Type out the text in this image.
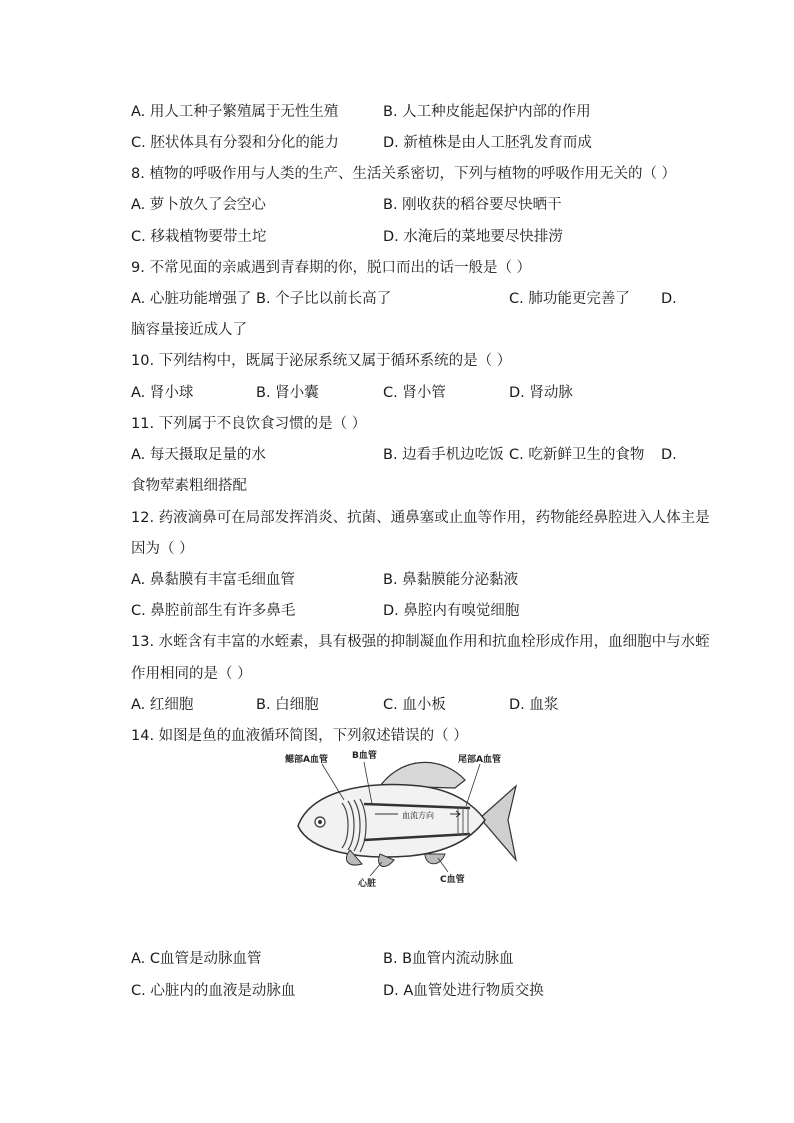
A. 用人工种子繁殖属于无性生殖	B. 人工种皮能起保护内部的作用
C. 胚状体具有分裂和分化的能力	D. 新植株是由人工胚乳发育而成
8. 植物的呼吸作用与人类的生产、生活关系密切，下列与植物的呼吸作用无关的（ ）
A. 萝卜放久了会空心	B. 刚收获的稻谷要尽快晒干
C. 移栽植物要带土坨	D. 水淹后的菜地要尽快排涝
9. 不常见面的亲戚遇到青春期的你，脱口而出的话一般是（ ）
A. 心脏功能增强了 B. 个子比以前长高了	C. 肺功能更完善了 D.
脑容量接近成人了
10. 下列结构中，既属于泌尿系统又属于循环系统的是（ ）
A. 肾小球	B. 肾小囊	C. 肾小管	D. 肾动脉
11. 下列属于不良饮食习惯的是（ ）
A. 每天摄取足量的水	B. 边看手机边吃饭 C. 吃新鲜卫生的食物 D.
食物荤素粗细搭配
12. 药液滴鼻可在局部发挥消炎、抗菌、通鼻塞或止血等作用，药物能经鼻腔进入人体主是
因为（ ）
A. 鼻黏膜有丰富毛细血管	B. 鼻黏膜能分泌黏液
C. 鼻腔前部生有许多鼻毛	D. 鼻腔内有嗅觉细胞
13. 水蛭含有丰富的水蛭素，具有极强的抑制凝血作用和抗血栓形成作用，血细胞中与水蛭
作用相同的是（ ）
A. 红细胞	B. 白细胞	C. 血小板	D. 血浆
14. 如图是鱼的血液循环简图，下列叙述错误的（ ）
血流方向
鳃部A血管	B血管	尾部A血管
心脏	C血管
A. C血管是动脉血管	B. B血管内流动脉血
C. 心脏内的血液是动脉血	D. A血管处进行物质交换
